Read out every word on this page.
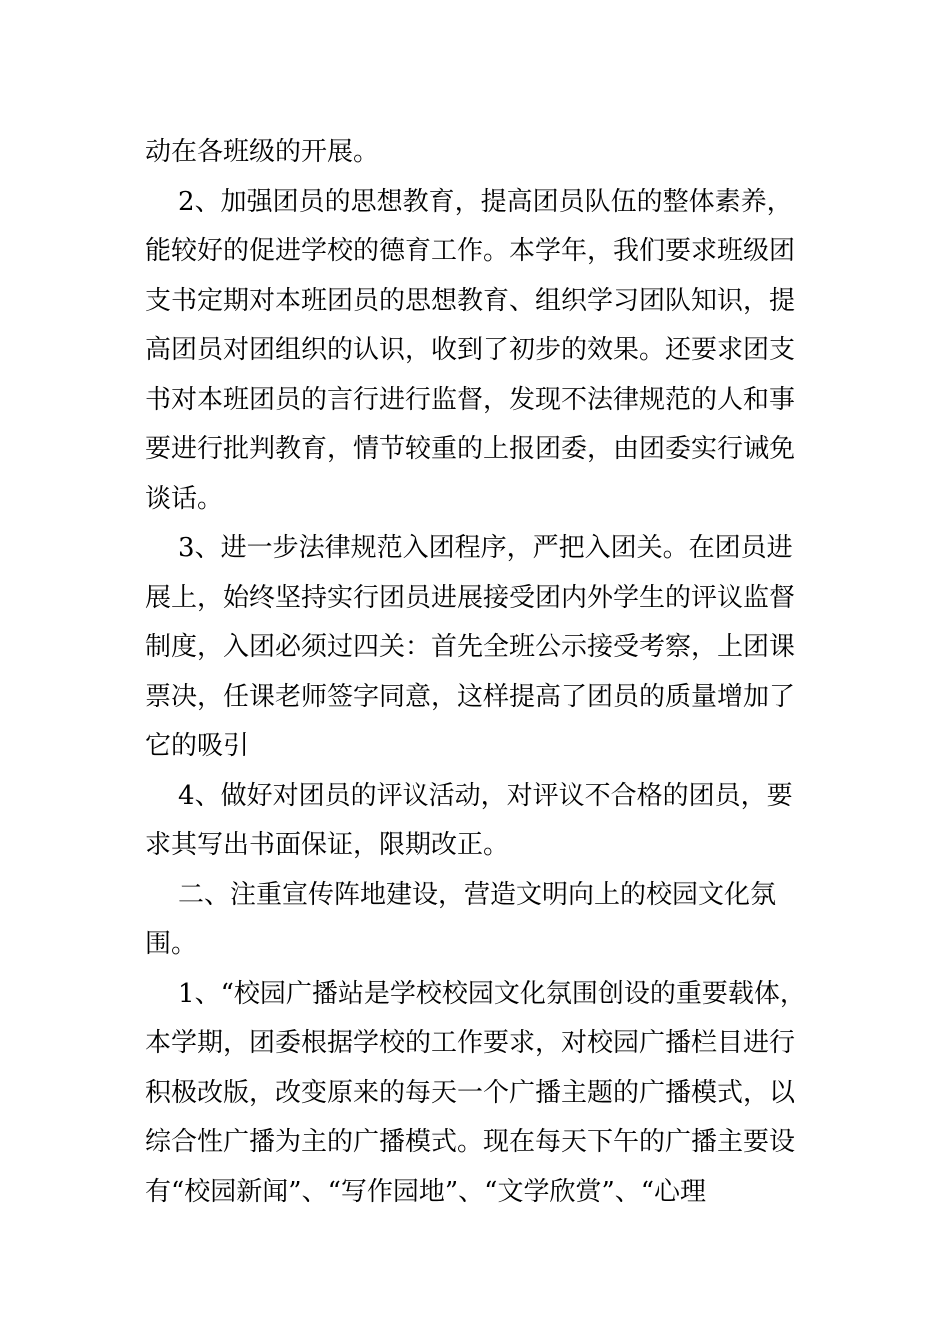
动在各班级的开展。
2、加强团员的思想教育，提高团员队伍的整体素养，
能较好的促进学校的德育工作。本学年，我们要求班级团
支书定期对本班团员的思想教育、组织学习团队知识，提
高团员对团组织的认识，收到了初步的效果。还要求团支
书对本班团员的言行进行监督，发现不法律规范的人和事
要进行批判教育，情节较重的上报团委，由团委实行诫免
谈话。
3、进一步法律规范入团程序，严把入团关。在团员进
展上，始终坚持实行团员进展接受团内外学生的评议监督
制度，入团必须过四关：首先全班公示接受考察，上团课
票决，任课老师签字同意，这样提高了团员的质量增加了
它的吸引
4、做好对团员的评议活动，对评议不合格的团员，要
求其写出书面保证，限期改正。
二、注重宣传阵地建设，营造文明向上的校园文化氛
围。
1、“校园广播站是学校校园文化氛围创设的重要载体，
本学期，团委根据学校的工作要求，对校园广播栏目进行
积极改版，改变原来的每天一个广播主题的广播模式，以
综合性广播为主的广播模式。现在每天下午的广播主要设
有“校园新闻”、“写作园地”、“文学欣赏”、“心理
